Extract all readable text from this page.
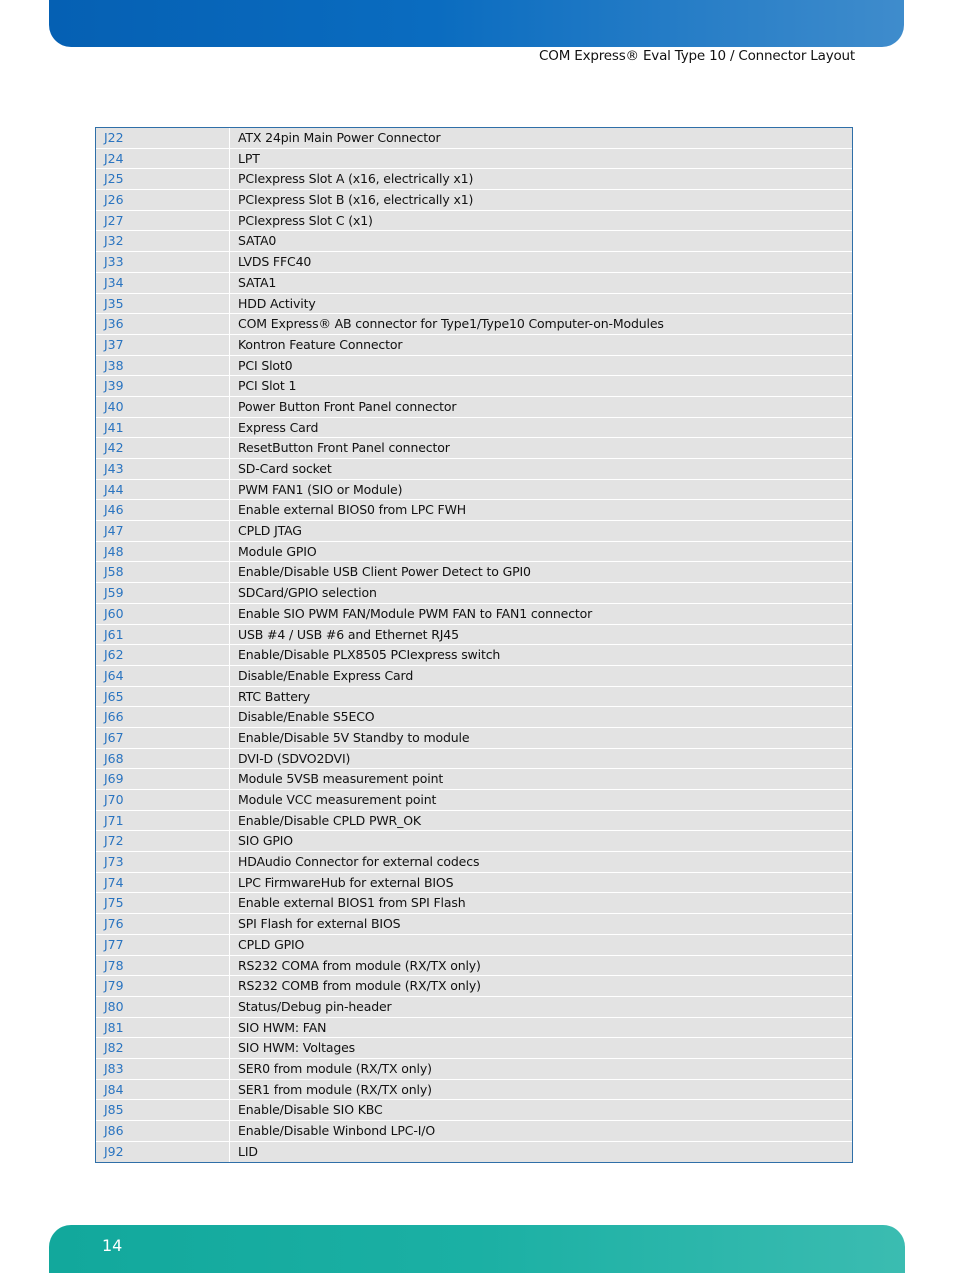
COM Express® Eval Type 10 / Connector Layout
J22	ATX 24pin Main Power Connector
J24	LPT
J25	PCIexpress Slot A (x16, electrically x1)
J26	PCIexpress Slot B (x16, electrically x1)
J27	PCIexpress Slot C (x1)
J32	SATA0
J33	LVDS FFC40
J34	SATA1
J35	HDD Activity
J36	COM Express® AB connector for Type1/Type10 Computer-on-Modules
J37	Kontron Feature Connector
J38	PCI Slot0
J39	PCI Slot 1
J40	Power Button Front Panel connector
J41	Express Card
J42	ResetButton Front Panel connector
J43	SD-Card socket
J44	PWM FAN1 (SIO or Module)
J46	Enable external BIOS0 from LPC FWH
J47	CPLD JTAG
J48	Module GPIO
J58	Enable/Disable USB Client Power Detect to GPI0
J59	SDCard/GPIO selection
J60	Enable SIO PWM FAN/Module PWM FAN to FAN1 connector
J61	USB #4 / USB #6 and Ethernet RJ45
J62	Enable/Disable PLX8505 PCIexpress switch
J64	Disable/Enable Express Card
J65	RTC Battery
J66	Disable/Enable S5ECO
J67	Enable/Disable 5V Standby to module
J68	DVI-D (SDVO2DVI)
J69	Module 5VSB measurement point
J70	Module VCC measurement point
J71	Enable/Disable CPLD PWR_OK
J72	SIO GPIO
J73	HDAudio Connector for external codecs
J74	LPC FirmwareHub for external BIOS
J75	Enable external BIOS1 from SPI Flash
J76	SPI Flash for external BIOS
J77	CPLD GPIO
J78	RS232 COMA from module (RX/TX only)
J79	RS232 COMB from module (RX/TX only)
J80	Status/Debug pin-header
J81	SIO HWM: FAN
J82	SIO HWM: Voltages
J83	SER0 from module (RX/TX only)
J84	SER1 from module (RX/TX only)
J85	Enable/Disable SIO KBC
J86	Enable/Disable Winbond LPC-I/O
J92	LID
14
